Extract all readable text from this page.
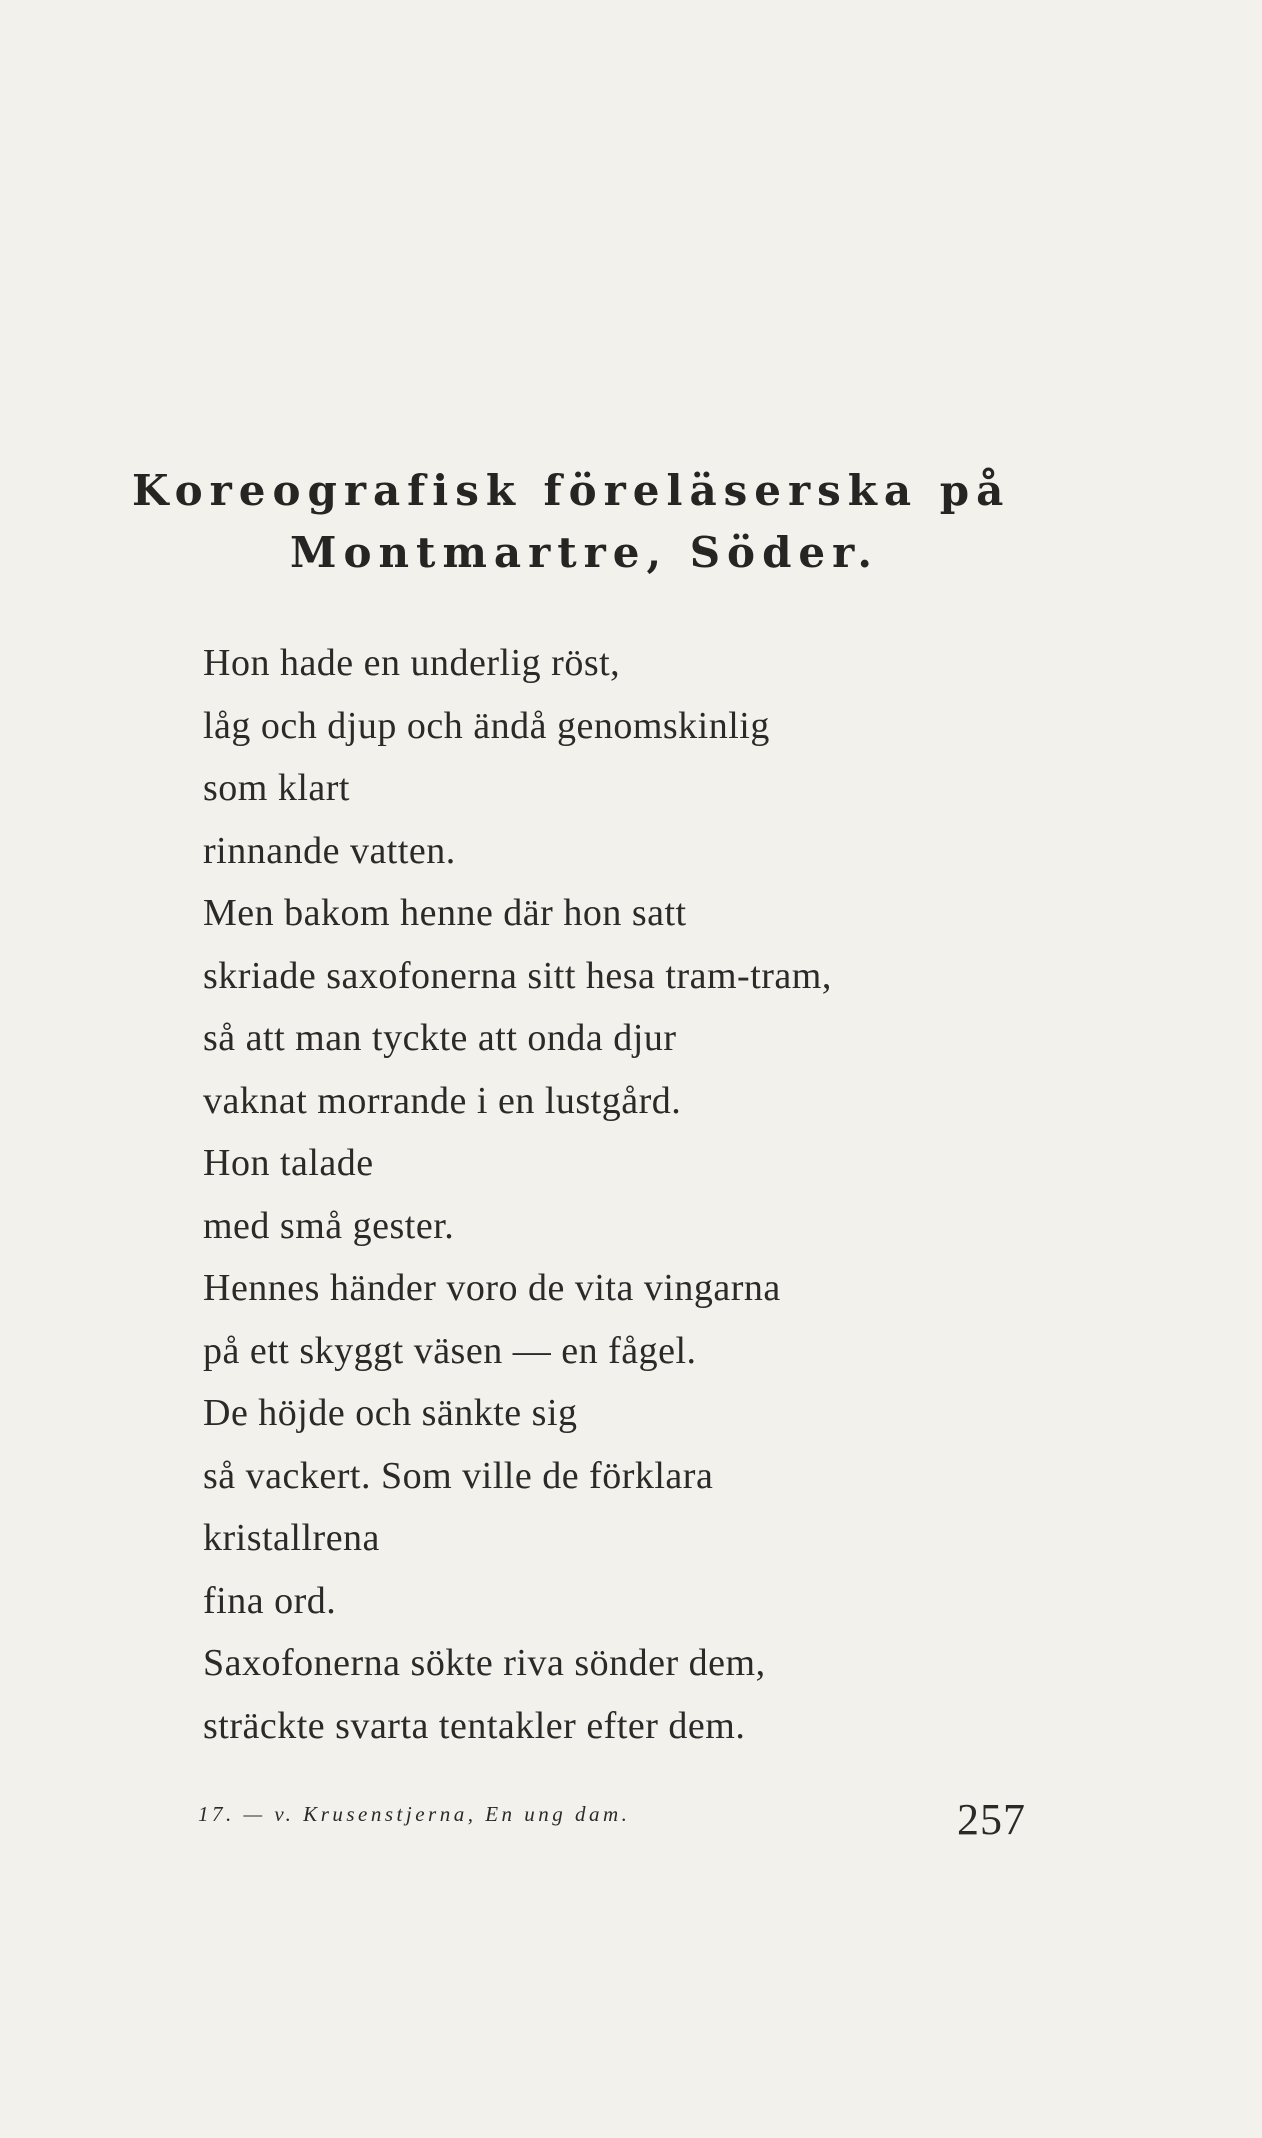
Koreografisk föreläserska på
Montmartre, Söder.
Hon hade en underlig röst,
låg och djup och ändå genomskinlig
som klart
rinnande vatten.
Men bakom henne där hon satt
skriade saxofonerna sitt hesa tram-tram,
så att man tyckte att onda djur
vaknat morrande i en lustgård.
Hon talade
med små gester.
Hennes händer voro de vita vingarna
på ett skyggt väsen — en fågel.
De höjde och sänkte sig
så vackert. Som ville de förklara
kristallrena
fina ord.
Saxofonerna sökte riva sönder dem,
sträckte svarta tentakler efter dem.
17. — v. Krusenstjerna, En ung dam.	257
